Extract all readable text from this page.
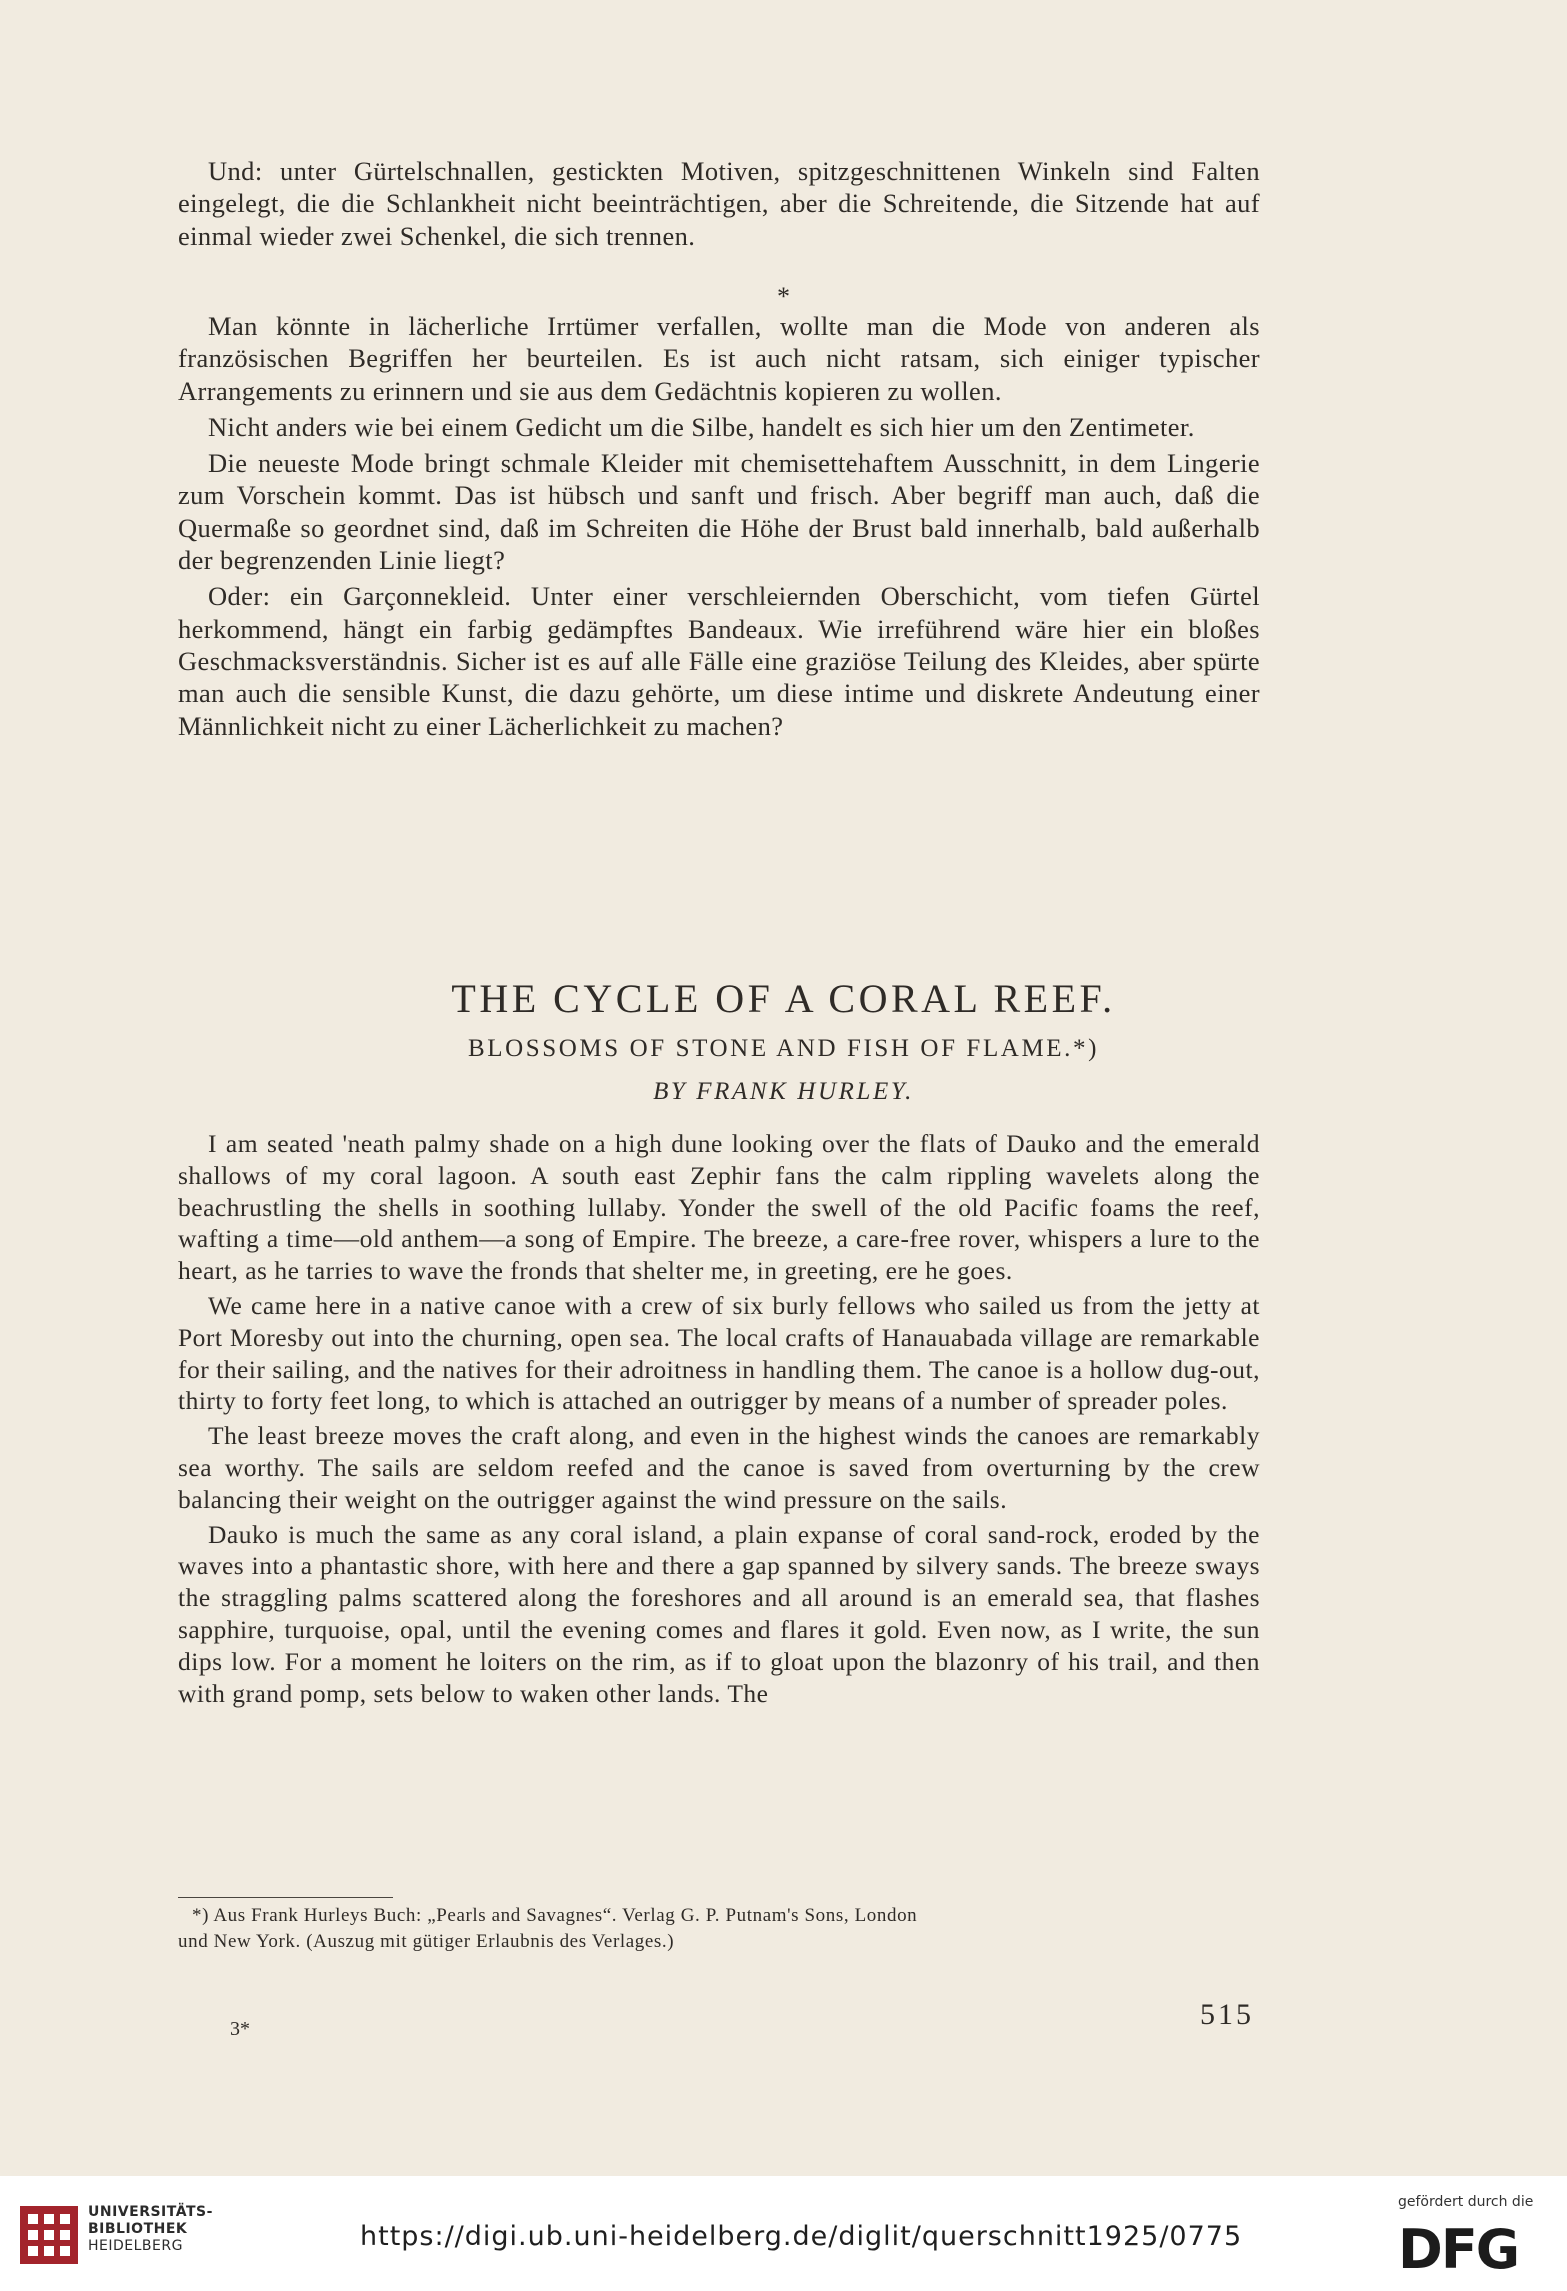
Und: unter Gürtelschnallen, gestickten Motiven, spitzgeschnittenen Winkeln sind Falten eingelegt, die die Schlankheit nicht beeinträchtigen, aber die Schreitende, die Sitzende hat auf einmal wieder zwei Schenkel, die sich trennen.

*

Man könnte in lächerliche Irrtümer verfallen, wollte man die Mode von anderen als französischen Begriffen her beurteilen. Es ist auch nicht ratsam, sich einiger typischer Arrangements zu erinnern und sie aus dem Gedächtnis kopieren zu wollen.

Nicht anders wie bei einem Gedicht um die Silbe, handelt es sich hier um den Zentimeter.

Die neueste Mode bringt schmale Kleider mit chemisettehaftem Ausschnitt, in dem Lingerie zum Vorschein kommt. Das ist hübsch und sanft und frisch. Aber begriff man auch, daß die Quermaße so geordnet sind, daß im Schreiten die Höhe der Brust bald innerhalb, bald außerhalb der begrenzenden Linie liegt?

Oder: ein Garçonnekleid. Unter einer verschleiernden Oberschicht, vom tiefen Gürtel herkommend, hängt ein farbig gedämpftes Bandeaux. Wie irreführend wäre hier ein bloßes Geschmacksverständnis. Sicher ist es auf alle Fälle eine graziöse Teilung des Kleides, aber spürte man auch die sensible Kunst, die dazu gehörte, um diese intime und diskrete Andeutung einer Männlichkeit nicht zu einer Lächerlichkeit zu machen?

THE CYCLE OF A CORAL REEF.
BLOSSOMS OF STONE AND FISH OF FLAME.*)
BY FRANK HURLEY.

I am seated 'neath palmy shade on a high dune looking over the flats of Dauko and the emerald shallows of my coral lagoon. A south east Zephir fans the calm rippling wavelets along the beachrustling the shells in soothing lullaby. Yonder the swell of the old Pacific foams the reef, wafting a time—old anthem—a song of Empire. The breeze, a care-free rover, whispers a lure to the heart, as he tarries to wave the fronds that shelter me, in greeting, ere he goes.

We came here in a native canoe with a crew of six burly fellows who sailed us from the jetty at Port Moresby out into the churning, open sea. The local crafts of Hanauabada village are remarkable for their sailing, and the natives for their adroitness in handling them. The canoe is a hollow dug-out, thirty to forty feet long, to which is attached an outrigger by means of a number of spreader poles.

The least breeze moves the craft along, and even in the highest winds the canoes are remarkably sea worthy. The sails are seldom reefed and the canoe is saved from overturning by the crew balancing their weight on the outrigger against the wind pressure on the sails.

Dauko is much the same as any coral island, a plain expanse of coral sand-rock, eroded by the waves into a phantastic shore, with here and there a gap spanned by silvery sands. The breeze sways the straggling palms scattered along the foreshores and all around is an emerald sea, that flashes sapphire, turquoise, opal, until the evening comes and flares it gold. Even now, as I write, the sun dips low. For a moment he loiters on the rim, as if to gloat upon the blazonry of his trail, and then with grand pomp, sets below to waken other lands. The

*) Aus Frank Hurleys Buch: „Pearls and Savagnes“. Verlag G. P. Putnam's Sons, London
und New York. (Auszug mit gütiger Erlaubnis des Verlages.)
3*	515
UNIVERSITÄTS-
BIBLIOTHEK
HEIDELBERG	https://digi.ub.uni-heidelberg.de/diglit/querschnitt1925/0775
gefördert durch die
DFG
